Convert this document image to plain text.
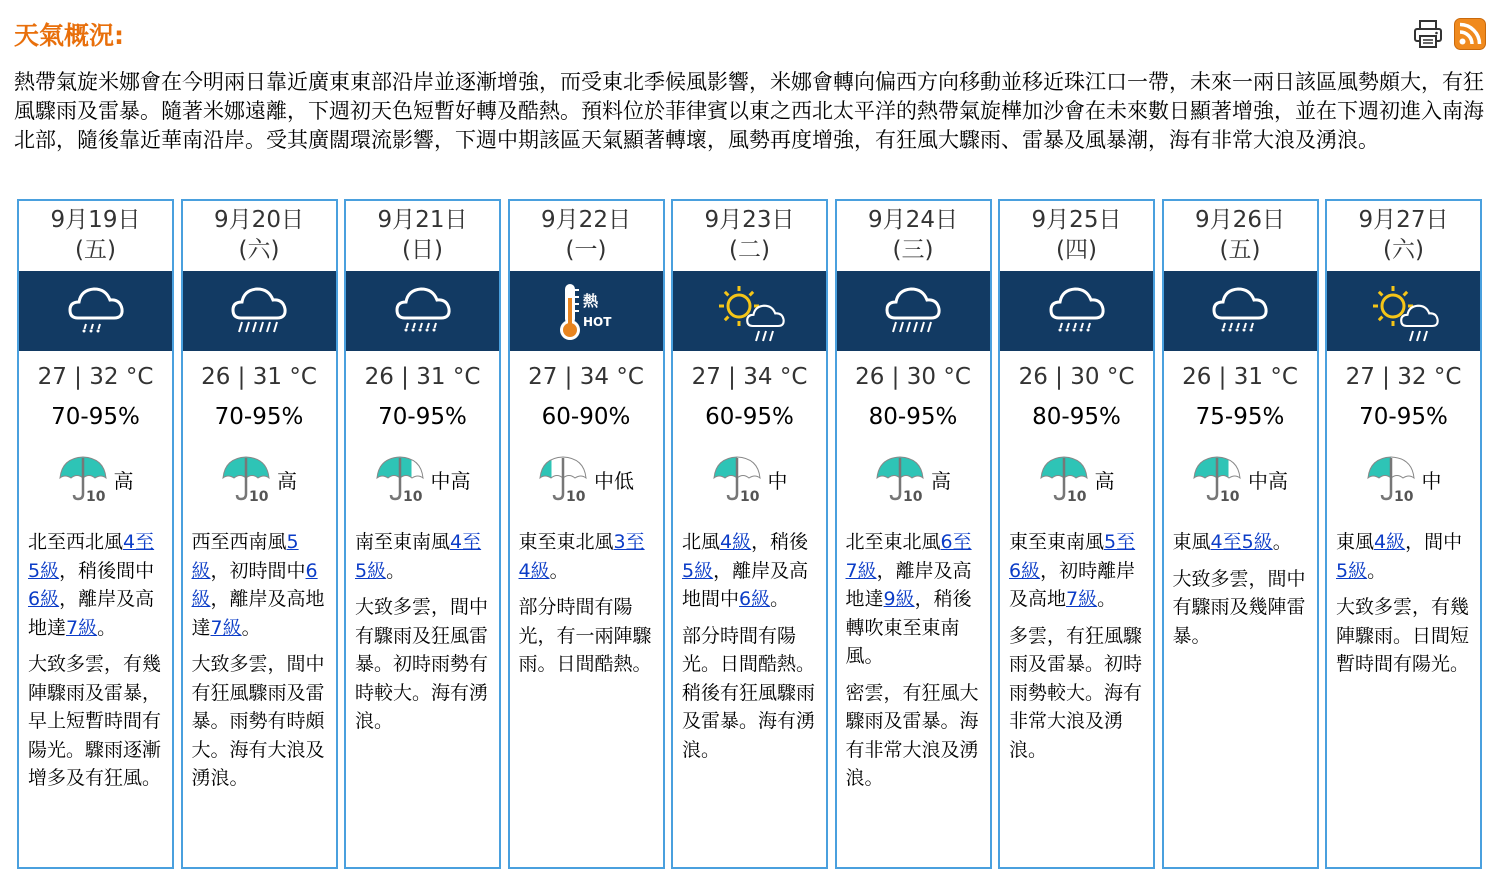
天氣概況:
熱帶氣旋米娜會在今明兩日靠近廣東東部沿岸並逐漸增強，而受東北季候風影響，米娜會轉向偏西方向移動並移近珠江口一帶，未來一兩日該區風勢頗大，有狂風驟雨及雷暴。隨著米娜遠離，下週初天色短暫好轉及酷熱。預料位於菲律賓以東之西北太平洋的熱帶氣旋樺加沙會在未來數日顯著增強，並在下週初進入南海北部，隨後靠近華南沿岸。受其廣闊環流影響，下週中期該區天氣顯著轉壞，風勢再度增強，有狂風大驟雨、雷暴及風暴潮，海有非常大浪及湧浪。
9月19日
(五)
27 | 32 °C
70-95%
10
高

北至西北風4至5級，稍後間中6級，離岸及高地達7級。

大致多雲，有幾陣驟雨及雷暴，早上短暫時間有陽光。驟雨逐漸增多及有狂風。

9月20日
(六)
26 | 31 °C
70-95%
10
高

西至西南風5級，初時間中6級，離岸及高地達7級。

大致多雲，間中有狂風驟雨及雷暴。雨勢有時頗大。海有大浪及湧浪。

9月21日
(日)
26 | 31 °C
70-95%
10
中高

南至東南風4至5級。

大致多雲，間中有驟雨及狂風雷暴。初時雨勢有時較大。海有湧浪。

9月22日
(一)
熱
HOT
27 | 34 °C
60-90%
10
中低

東至東北風3至4級。

部分時間有陽光，有一兩陣驟雨。日間酷熱。

9月23日
(二)
27 | 34 °C
60-95%
10
中

北風4級，稍後5級，離岸及高地間中6級。

部分時間有陽光。日間酷熱。稍後有狂風驟雨及雷暴。海有湧浪。

9月24日
(三)
26 | 30 °C
80-95%
10
高

北至東北風6至7級，離岸及高地達9級，稍後轉吹東至東南風。

密雲，有狂風大驟雨及雷暴。海有非常大浪及湧浪。

9月25日
(四)
26 | 30 °C
80-95%
10
高

東至東南風5至6級，初時離岸及高地7級。

多雲，有狂風驟雨及雷暴。初時雨勢較大。海有非常大浪及湧浪。

9月26日
(五)
26 | 31 °C
75-95%
10
中高

東風4至5級。

大致多雲，間中有驟雨及幾陣雷暴。

9月27日
(六)
27 | 32 °C
70-95%
10
中

東風4級，間中5級。

大致多雲，有幾陣驟雨。日間短暫時間有陽光。
